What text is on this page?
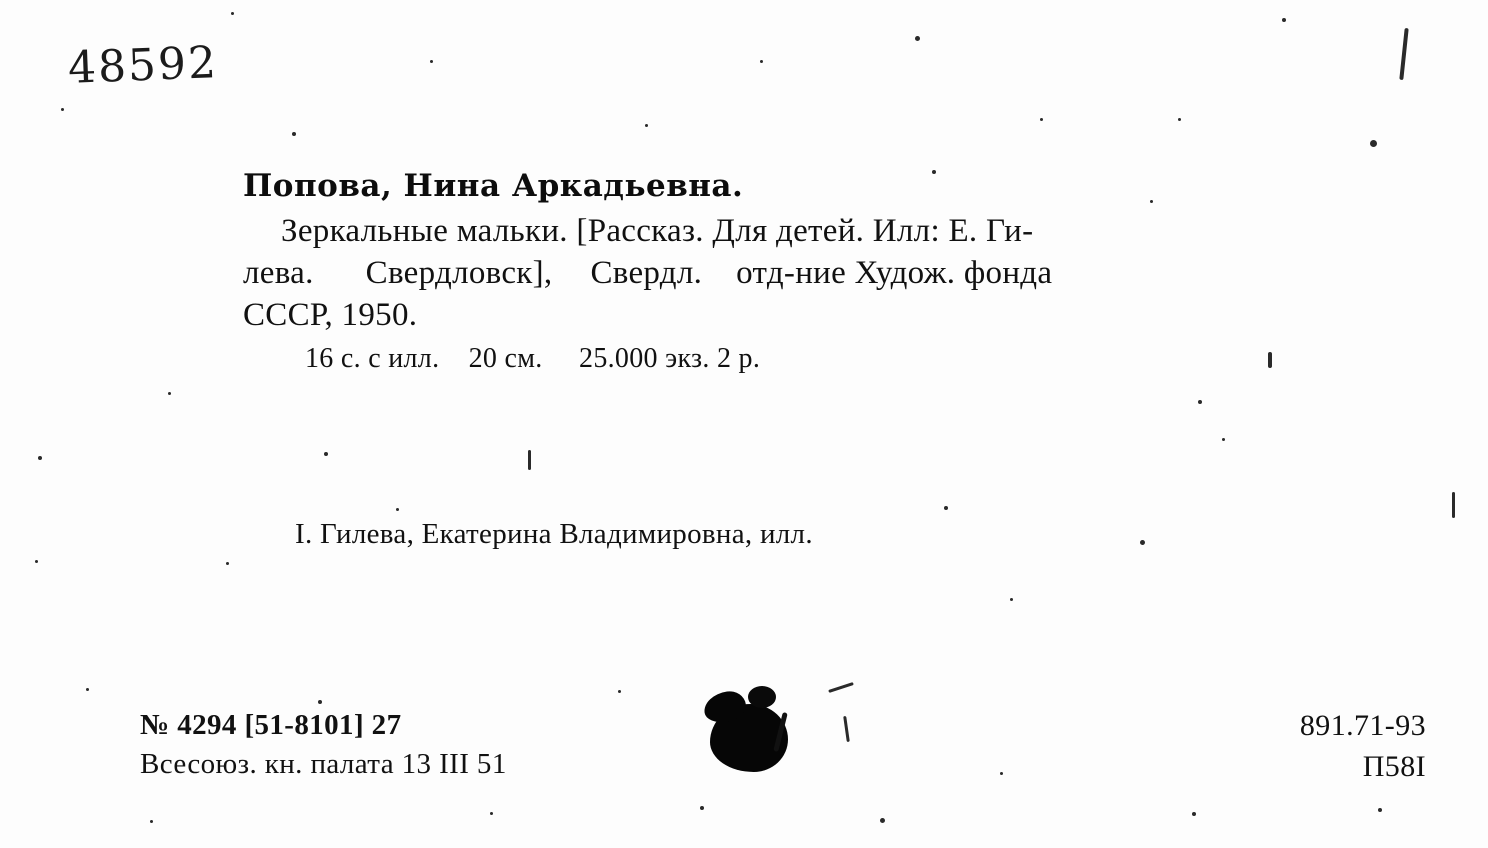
48592

Попова, Нина Аркадьевна.

Зеркальные мальки. [Рассказ. Для детей. Илл: Е. Ги-

лева. Свердловск], Свердл. отд-ние Худож. фонда

СССР, 1950.

16 с. с илл.    20 см.     25.000 экз. 2 р.

I. Гилева, Екатерина Владимировна, илл.
№ 4294 [51-8101] 27
Всесоюз. кн. палата 13 III 51
891.71-93
П58I
